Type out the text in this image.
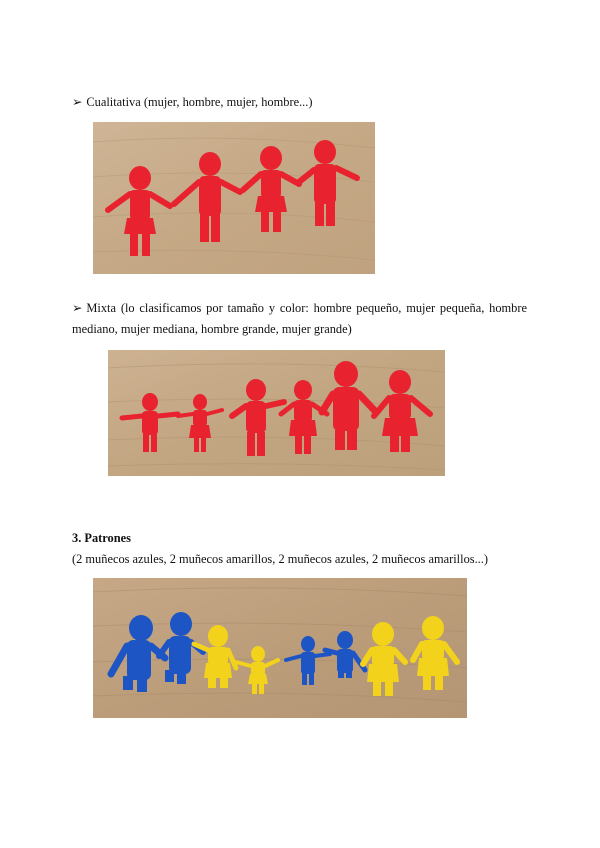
➢ Cualitativa (mujer, hombre, mujer, hombre...)
➢ Mixta (lo clasificamos por tamaño y color: hombre pequeño, mujer pequeña, hombre mediano, mujer mediana, hombre grande, mujer grande)
3. Patrones
(2 muñecos azules, 2 muñecos amarillos, 2 muñecos azules, 2 muñecos amarillos...)
